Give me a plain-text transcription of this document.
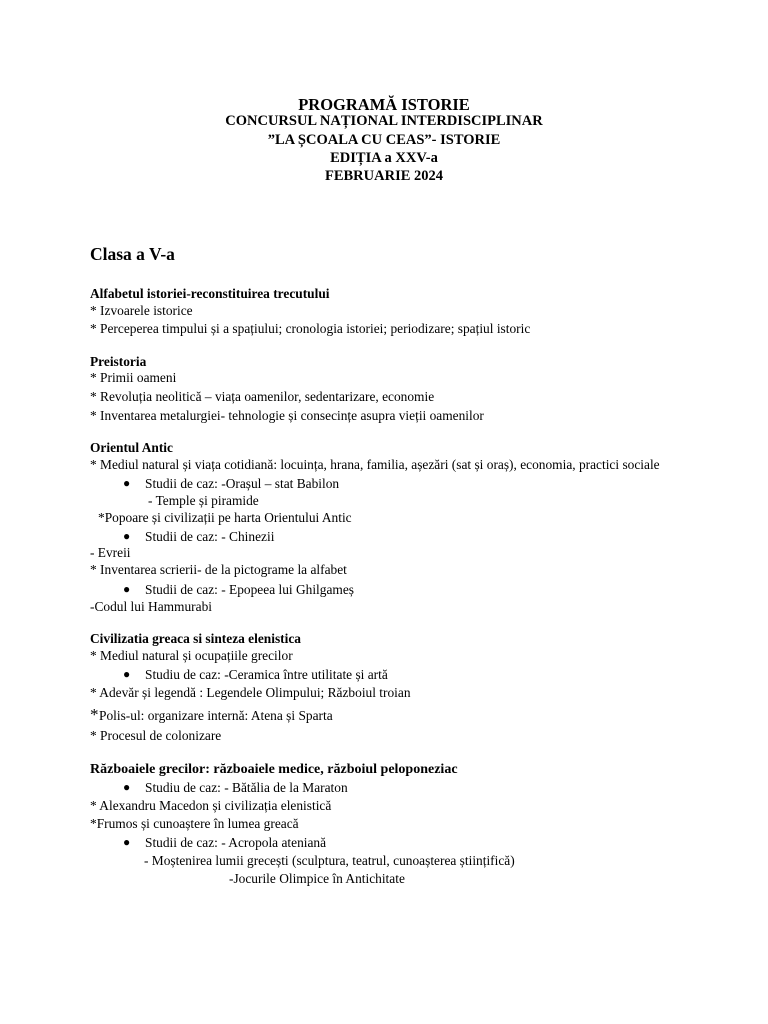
PROGRAMĂ ISTORIE
CONCURSUL NAȚIONAL INTERDISCIPLINAR
”LA ȘCOALA CU CEAS”- ISTORIE
EDIȚIA a XXV-a
FEBRUARIE 2024
Clasa a V-a
Alfabetul istoriei-reconstituirea trecutului
* Izvoarele istorice
* Perceperea timpului și a spațiului; cronologia istoriei; periodizare; spațiul istoric
Preistoria
* Primii oameni
* Revoluția neolitică – viața oamenilor, sedentarizare, economie
* Inventarea metalurgiei- tehnologie și consecințe asupra vieții oamenilor
Orientul Antic
* Mediul natural și viața cotidiană: locuința, hrana, familia, așezări (sat și oraș), economia, practici sociale
● Studii de caz: -Orașul – stat Babilon
- Temple și piramide
*Popoare și civilizații pe harta Orientului Antic
● Studii de caz: - Chinezii
- Evreii
* Inventarea scrierii- de la pictograme la alfabet
● Studii de caz: - Epopeea lui Ghilgameș
-Codul lui Hammurabi
Civilizatia greaca si sinteza elenistica
* Mediul natural și ocupațiile grecilor
● Studiu de caz: -Ceramica între utilitate și artă
* Adevăr și legendă : Legendele Olimpului; Războiul troian
* Polis-ul: organizare internă: Atena și Sparta
* Procesul de colonizare
Războaiele grecilor: războaiele medice, războiul peloponeziac
● Studiu de caz: - Bătălia de la Maraton
* Alexandru Macedon și civilizația elenistică
*Frumos și cunoaștere în lumea greacă
● Studii de caz: - Acropola ateniană
- Moștenirea lumii grecești (sculptura, teatrul, cunoașterea științifică)
-Jocurile Olimpice în Antichitate
